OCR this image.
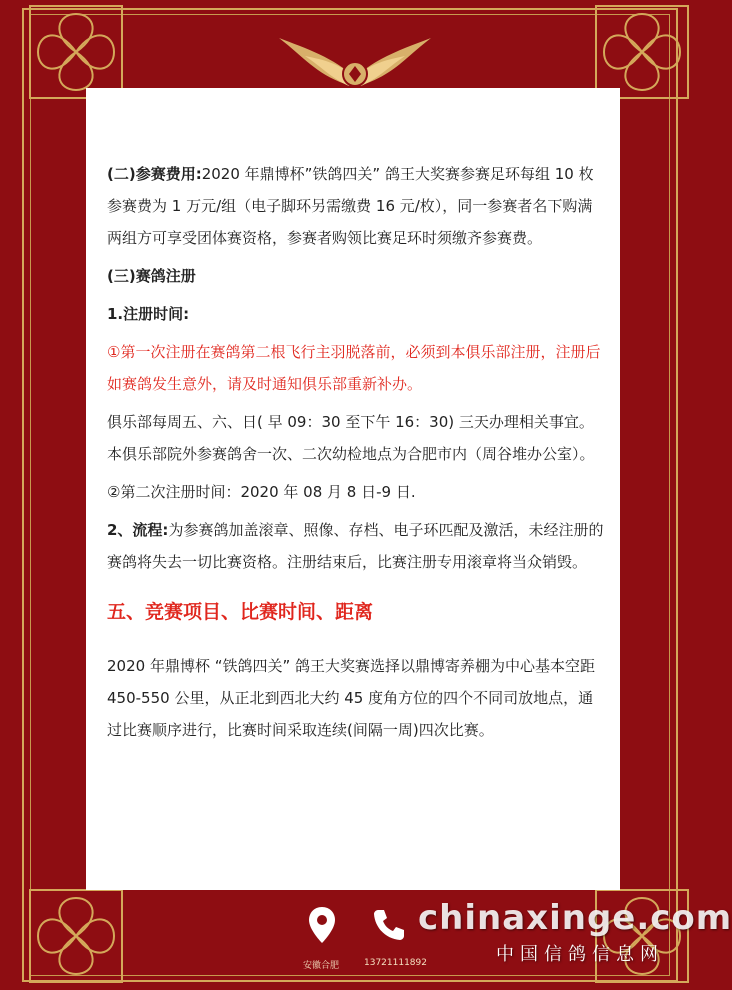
(二)参赛费用:2020 年鼎博杯”铁鸽四关” 鸽王大奖赛参赛足环每组 10 枚参赛费为 1 万元/组（电子脚环另需缴费 16 元/枚），同一参赛者名下购满两组方可享受团体赛资格，参赛者购领比赛足环时须缴齐参赛费。

(三)赛鸽注册

1.注册时间:

①第一次注册在赛鸽第二根飞行主羽脱落前，必须到本俱乐部注册，注册后如赛鸽发生意外，请及时通知俱乐部重新补办。

俱乐部每周五、六、日( 早 09：30 至下午 16：30) 三天办理相关事宜。本俱乐部院外参赛鸽舍一次、二次幼检地点为合肥市内（周谷堆办公室）。

②第二次注册时间：2020 年 08 月 8 日-9 日.

2、流程:为参赛鸽加盖滚章、照像、存档、电子环匹配及激活，未经注册的赛鸽将失去一切比赛资格。注册结束后，比赛注册专用滚章将当众销毁。

五、竞赛项目、比赛时间、距离

2020 年鼎博杯 “铁鸽四关” 鸽王大奖赛选择以鼎博寄养棚为中心基本空距 450-550 公里，从正北到西北大约 45 度角方位的四个不同司放地点，通过比赛顺序进行，比赛时间采取连续(间隔一周)四次比赛。

安徽合肥	13721111892
chinaxinge.com
中国信鸽信息网
